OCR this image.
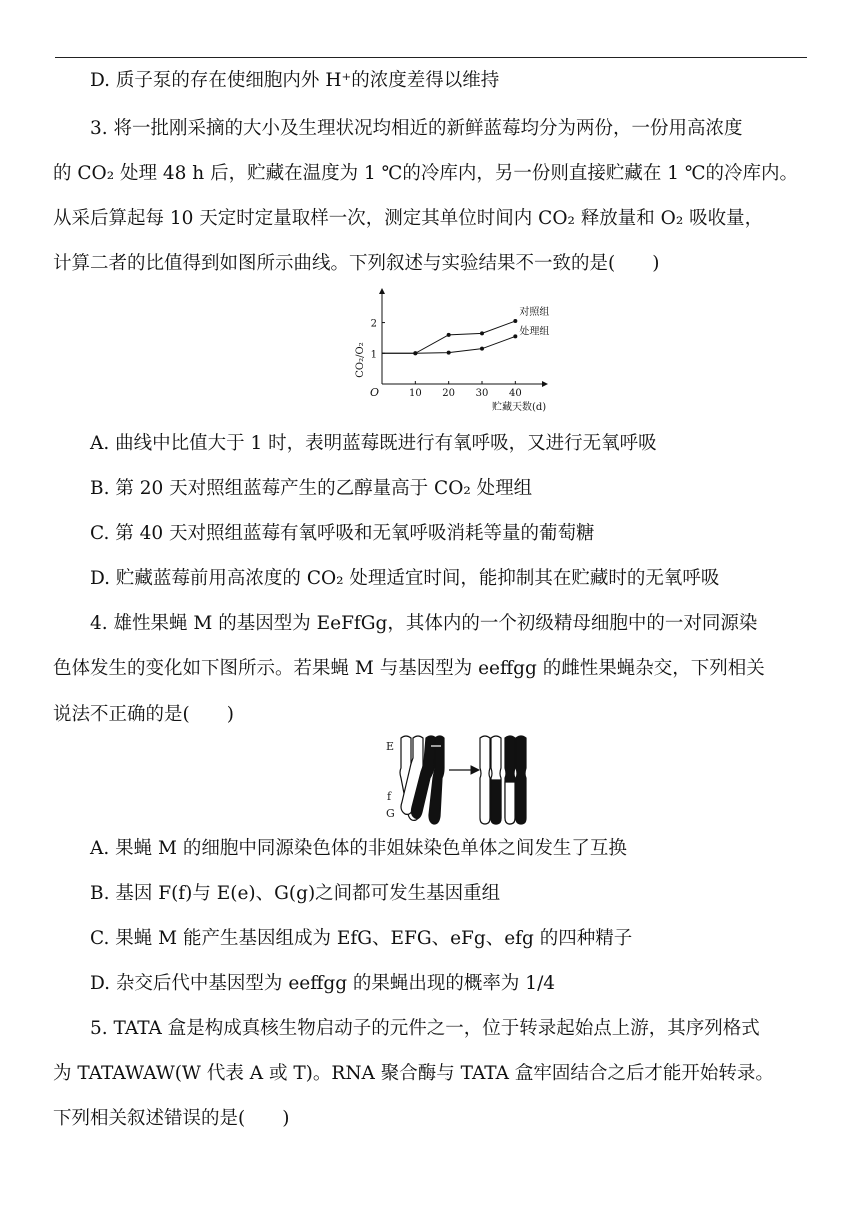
D. 质子泵的存在使细胞内外 H⁺的浓度差得以维持
3. 将一批刚采摘的大小及生理状况均相近的新鲜蓝莓均分为两份，一份用高浓度
的 CO₂ 处理 48 h 后，贮藏在温度为 1 ℃的冷库内，另一份则直接贮藏在 1 ℃的冷库内。
从采后算起每 10 天定时定量取样一次，测定其单位时间内 CO₂ 释放量和 O₂ 吸收量，
计算二者的比值得到如图所示曲线。下列叙述与实验结果不一致的是(　　)
O	10 20 30 40
1
2
贮藏天数(d)
CO₂/O₂
对照组
处理组
A. 曲线中比值大于 1 时，表明蓝莓既进行有氧呼吸，又进行无氧呼吸
B. 第 20 天对照组蓝莓产生的乙醇量高于 CO₂ 处理组
C. 第 40 天对照组蓝莓有氧呼吸和无氧呼吸消耗等量的葡萄糖
D. 贮藏蓝莓前用高浓度的 CO₂ 处理适宜时间，能抑制其在贮藏时的无氧呼吸
4. 雄性果蝇 M 的基因型为 EeFfGg，其体内的一个初级精母细胞中的一对同源染
色体发生的变化如下图所示。若果蝇 M 与基因型为 eeffgg 的雌性果蝇杂交，下列相关
说法不正确的是(　　)
E
f
G
A. 果蝇 M 的细胞中同源染色体的非姐妹染色单体之间发生了互换
B. 基因 F(f)与 E(e)、G(g)之间都可发生基因重组
C. 果蝇 M 能产生基因组成为 EfG、EFG、eFg、efg 的四种精子
D. 杂交后代中基因型为 eeffgg 的果蝇出现的概率为 1/4
5. TATA 盒是构成真核生物启动子的元件之一，位于转录起始点上游，其序列格式
为 TATAWAW(W 代表 A 或 T)。RNA 聚合酶与 TATA 盒牢固结合之后才能开始转录。
下列相关叙述错误的是(　　)
